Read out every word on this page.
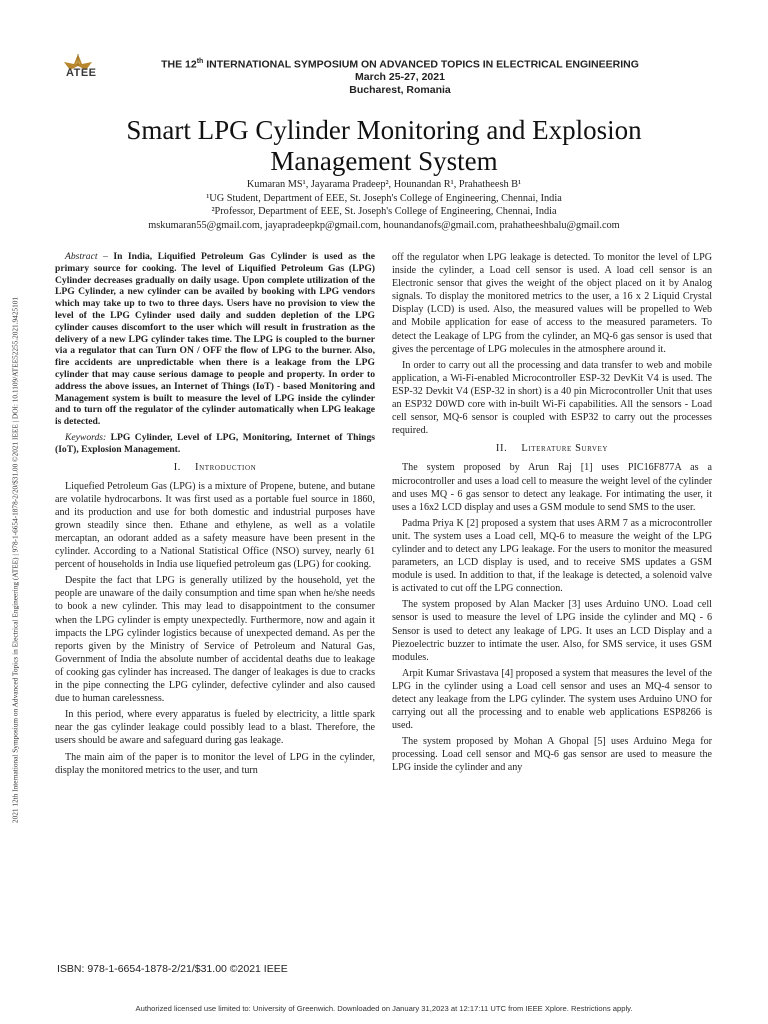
2021 12th International Symposium on Advanced Topics in Electrical Engineering (ATEE) | 978-1-6654-1878-2/20/$31.00 ©2021 IEEE | DOI: 10.1109/ATEE52255.2021.9425101
ATEE
THE 12th INTERNATIONAL SYMPOSIUM ON ADVANCED TOPICS IN ELECTRICAL ENGINEERING
March 25-27, 2021
Bucharest, Romania
Smart LPG Cylinder Monitoring and Explosion Management System
Kumaran MS¹, Jayarama Pradeep², Hounandan R¹, Prahatheesh B¹
¹UG Student, Department of EEE, St. Joseph's College of Engineering, Chennai, India
²Professor, Department of EEE, St. Joseph's College of Engineering, Chennai, India
mskumaran55@gmail.com, jayapradeepkp@gmail.com, hounandanofs@gmail.com, prahatheeshbalu@gmail.com

Abstract – In India, Liquified Petroleum Gas Cylinder is used as the primary source for cooking. The level of Liquified Petroleum Gas (LPG) Cylinder decreases gradually on daily usage. Upon complete utilization of the LPG Cylinder, a new cylinder can be availed by booking with LPG vendors which may take up to two to three days. Users have no provision to view the level of the LPG Cylinder used daily and sudden depletion of the LPG cylinder causes discomfort to the user which will result in frustration as the delivery of a new LPG cylinder takes time. The LPG is coupled to the burner via a regulator that can Turn ON / OFF the flow of LPG to the burner. Also, fire accidents are unpredictable when there is a leakage from the LPG cylinder that may cause serious damage to people and property. In order to address the above issues, an Internet of Things (IoT) - based Monitoring and Management system is built to measure the level of LPG inside the cylinder and to turn off the regulator of the cylinder automatically when LPG leakage is detected.

Keywords: LPG Cylinder, Level of LPG, Monitoring, Internet of Things (IoT), Explosion Management.

I. Introduction

Liquefied Petroleum Gas (LPG) is a mixture of Propene, butene, and butane are volatile hydrocarbons. It was first used as a portable fuel source in 1860, and its production and use for both domestic and industrial purposes have grown steadily since then. Ethane and ethylene, as well as a volatile mercaptan, an odorant added as a safety measure have been present in the cylinder. According to a National Statistical Office (NSO) survey, nearly 61 percent of households in India use liquefied petroleum gas (LPG) for cooking.

Despite the fact that LPG is generally utilized by the household, yet the people are unaware of the daily consumption and time span when he/she needs to book a new cylinder. This may lead to disappointment to the consumer when the LPG cylinder is empty unexpectedly. Furthermore, now and again it impacts the LPG cylinder logistics because of unexpected demand. As per the reports given by the Ministry of Service of Petroleum and Natural Gas, Government of India the absolute number of accidental deaths due to leakage of cooking gas cylinder has increased. The danger of leakages is due to cracks in the pipe connecting the LPG cylinder, defective cylinder and also caused due to human carelessness.

In this period, where every apparatus is fueled by electricity, a little spark near the gas cylinder leakage could possibly lead to a blast. Therefore, the users should be aware and safeguard during gas leakage.

The main aim of the paper is to monitor the level of LPG in the cylinder, display the monitored metrics to the user, and turn

off the regulator when LPG leakage is detected. To monitor the level of LPG inside the cylinder, a Load cell sensor is used. A load cell sensor is an Electronic sensor that gives the weight of the object placed on it by Analog signals. To display the monitored metrics to the user, a 16 x 2 Liquid Crystal Display (LCD) is used. Also, the measured values will be propelled to Web and Mobile application for ease of access to the measured parameters. To detect the Leakage of LPG from the cylinder, an MQ-6 gas sensor is used that gives the percentage of LPG molecules in the atmosphere around it.

In order to carry out all the processing and data transfer to web and mobile application, a Wi-Fi-enabled Microcontroller ESP-32 DevKit V4 is used. The ESP-32 Devkit V4 (ESP-32 in short) is a 40 pin Microcontroller Unit that uses an ESP32 D0WD core with in-built Wi-Fi capabilities. All the sensors - Load cell sensor, MQ-6 sensor is coupled with ESP32 to carry out the processes required.

II. Literature Survey

The system proposed by Arun Raj [1] uses PIC16F877A as a microcontroller and uses a load cell to measure the weight level of the cylinder and uses MQ - 6 gas sensor to detect any leakage. For intimating the user, it uses a 16x2 LCD display and uses a GSM module to send SMS to the user.

Padma Priya K [2] proposed a system that uses ARM 7 as a microcontroller unit. The system uses a Load cell, MQ-6 to measure the weight of the LPG cylinder and to detect any LPG leakage. For the users to monitor the measured parameters, an LCD display is used, and to receive SMS updates a GSM module is used. In addition to that, if the leakage is detected, a solenoid valve is activated to cut off the LPG connection.

The system proposed by Alan Macker [3] uses Arduino UNO. Load cell sensor is used to measure the level of LPG inside the cylinder and MQ - 6 Sensor is used to detect any leakage of LPG. It uses an LCD Display and a Piezoelectric buzzer to intimate the user. Also, for SMS service, it uses GSM modules.

Arpit Kumar Srivastava [4] proposed a system that measures the level of the LPG in the cylinder using a Load cell sensor and uses an MQ-4 sensor to detect any leakage from the LPG cylinder. The system uses Arduino UNO for carrying out all the processing and to enable web applications ESP8266 is used.

The system proposed by Mohan A Ghopal [5] uses Arduino Mega for processing. Load cell sensor and MQ-6 gas sensor are used to measure the LPG inside the cylinder and any

ISBN: 978-1-6654-1878-2/21/$31.00 ©2021 IEEE
Authorized licensed use limited to: University of Greenwich. Downloaded on January 31,2023 at 12:17:11 UTC from IEEE Xplore. Restrictions apply.
